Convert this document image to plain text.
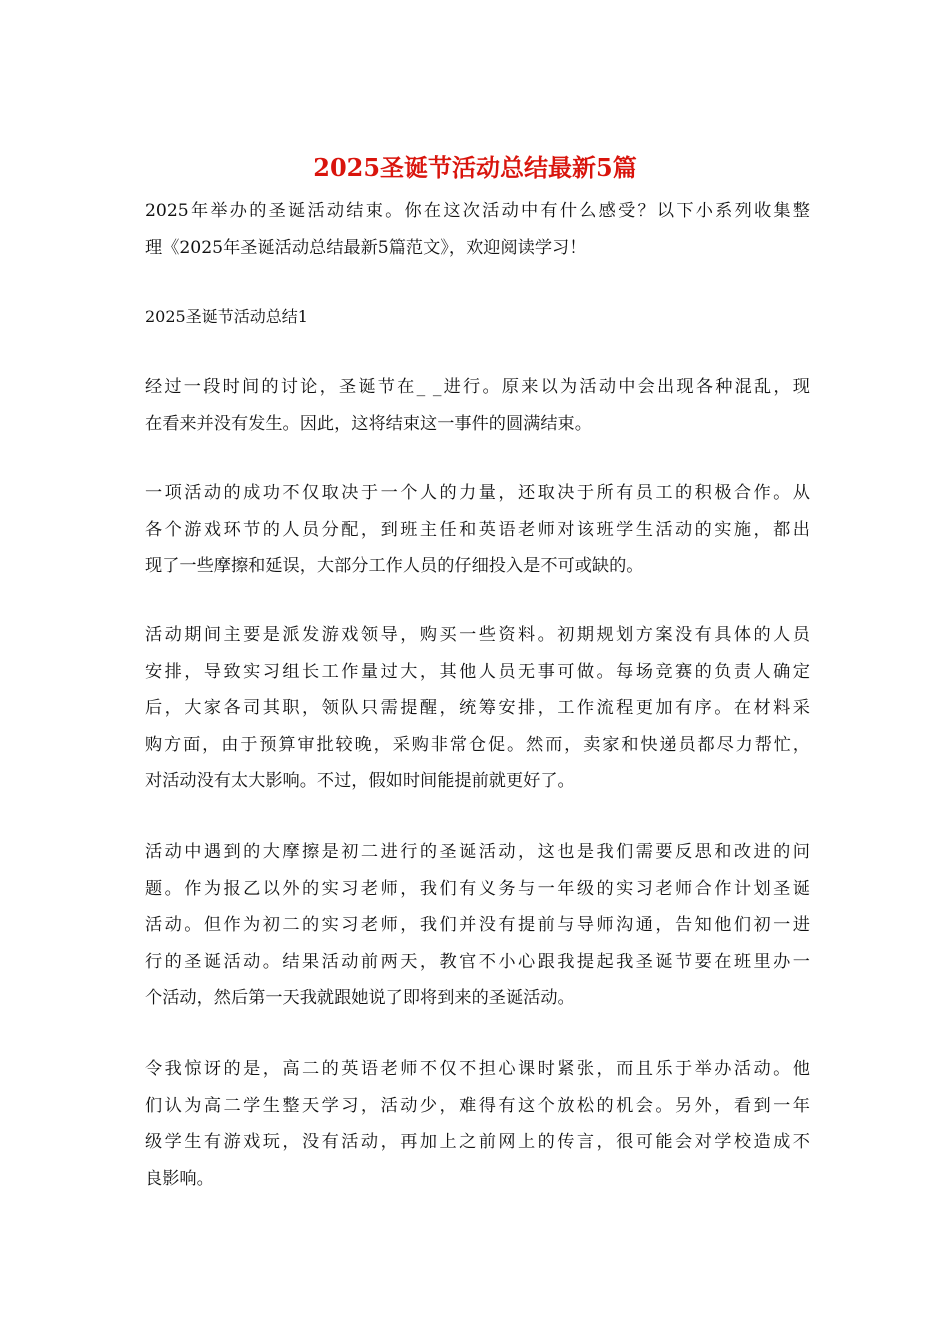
2025圣诞节活动总结最新5篇
2025年举办的圣诞活动结束。你在这次活动中有什么感受？以下小系列收集整
理《2025年圣诞活动总结最新5篇范文》，欢迎阅读学习！
2025圣诞节活动总结1
经过一段时间的讨论，圣诞节在_ _进行。原来以为活动中会出现各种混乱，现
在看来并没有发生。因此，这将结束这一事件的圆满结束。
一项活动的成功不仅取决于一个人的力量，还取决于所有员工的积极合作。从
各个游戏环节的人员分配，到班主任和英语老师对该班学生活动的实施，都出
现了一些摩擦和延误，大部分工作人员的仔细投入是不可或缺的。
活动期间主要是派发游戏领导，购买一些资料。初期规划方案没有具体的人员
安排，导致实习组长工作量过大，其他人员无事可做。每场竞赛的负责人确定
后，大家各司其职，领队只需提醒，统筹安排，工作流程更加有序。在材料采
购方面，由于预算审批较晚，采购非常仓促。然而，卖家和快递员都尽力帮忙，
对活动没有太大影响。不过，假如时间能提前就更好了。
活动中遇到的大摩擦是初二进行的圣诞活动，这也是我们需要反思和改进的问
题。作为报乙以外的实习老师，我们有义务与一年级的实习老师合作计划圣诞
活动。但作为初二的实习老师，我们并没有提前与导师沟通，告知他们初一进
行的圣诞活动。结果活动前两天，教官不小心跟我提起我圣诞节要在班里办一
个活动，然后第一天我就跟她说了即将到来的圣诞活动。
令我惊讶的是，高二的英语老师不仅不担心课时紧张，而且乐于举办活动。他
们认为高二学生整天学习，活动少，难得有这个放松的机会。另外，看到一年
级学生有游戏玩，没有活动，再加上之前网上的传言，很可能会对学校造成不
良影响。
